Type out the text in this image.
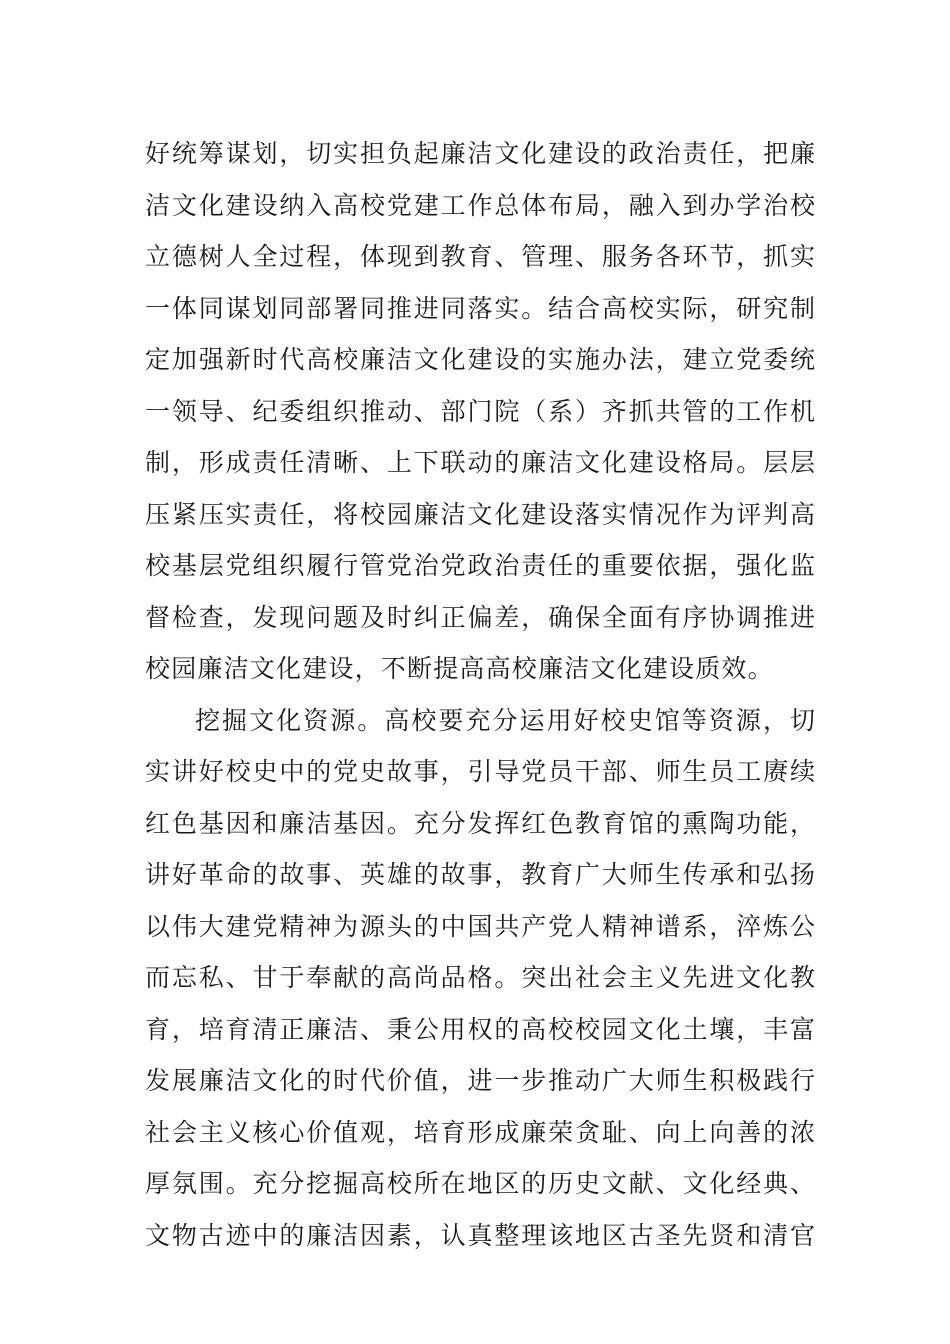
好统筹谋划，切实担负起廉洁文化建设的政治责任，把廉
洁文化建设纳入高校党建工作总体布局，融入到办学治校
立德树人全过程，体现到教育、管理、服务各环节，抓实
一体同谋划同部署同推进同落实。结合高校实际，研究制
定加强新时代高校廉洁文化建设的实施办法，建立党委统
一领导、纪委组织推动、部门院（系）齐抓共管的工作机
制，形成责任清晰、上下联动的廉洁文化建设格局。层层
压紧压实责任，将校园廉洁文化建设落实情况作为评判高
校基层党组织履行管党治党政治责任的重要依据，强化监
督检查，发现问题及时纠正偏差，确保全面有序协调推进
校园廉洁文化建设，不断提高高校廉洁文化建设质效。
挖掘文化资源。高校要充分运用好校史馆等资源，切
实讲好校史中的党史故事，引导党员干部、师生员工赓续
红色基因和廉洁基因。充分发挥红色教育馆的熏陶功能，
讲好革命的故事、英雄的故事，教育广大师生传承和弘扬
以伟大建党精神为源头的中国共产党人精神谱系，淬炼公
而忘私、甘于奉献的高尚品格。突出社会主义先进文化教
育，培育清正廉洁、秉公用权的高校校园文化土壤，丰富
发展廉洁文化的时代价值，进一步推动广大师生积极践行
社会主义核心价值观，培育形成廉荣贪耻、向上向善的浓
厚氛围。充分挖掘高校所在地区的历史文献、文化经典、
文物古迹中的廉洁因素，认真整理该地区古圣先贤和清官
